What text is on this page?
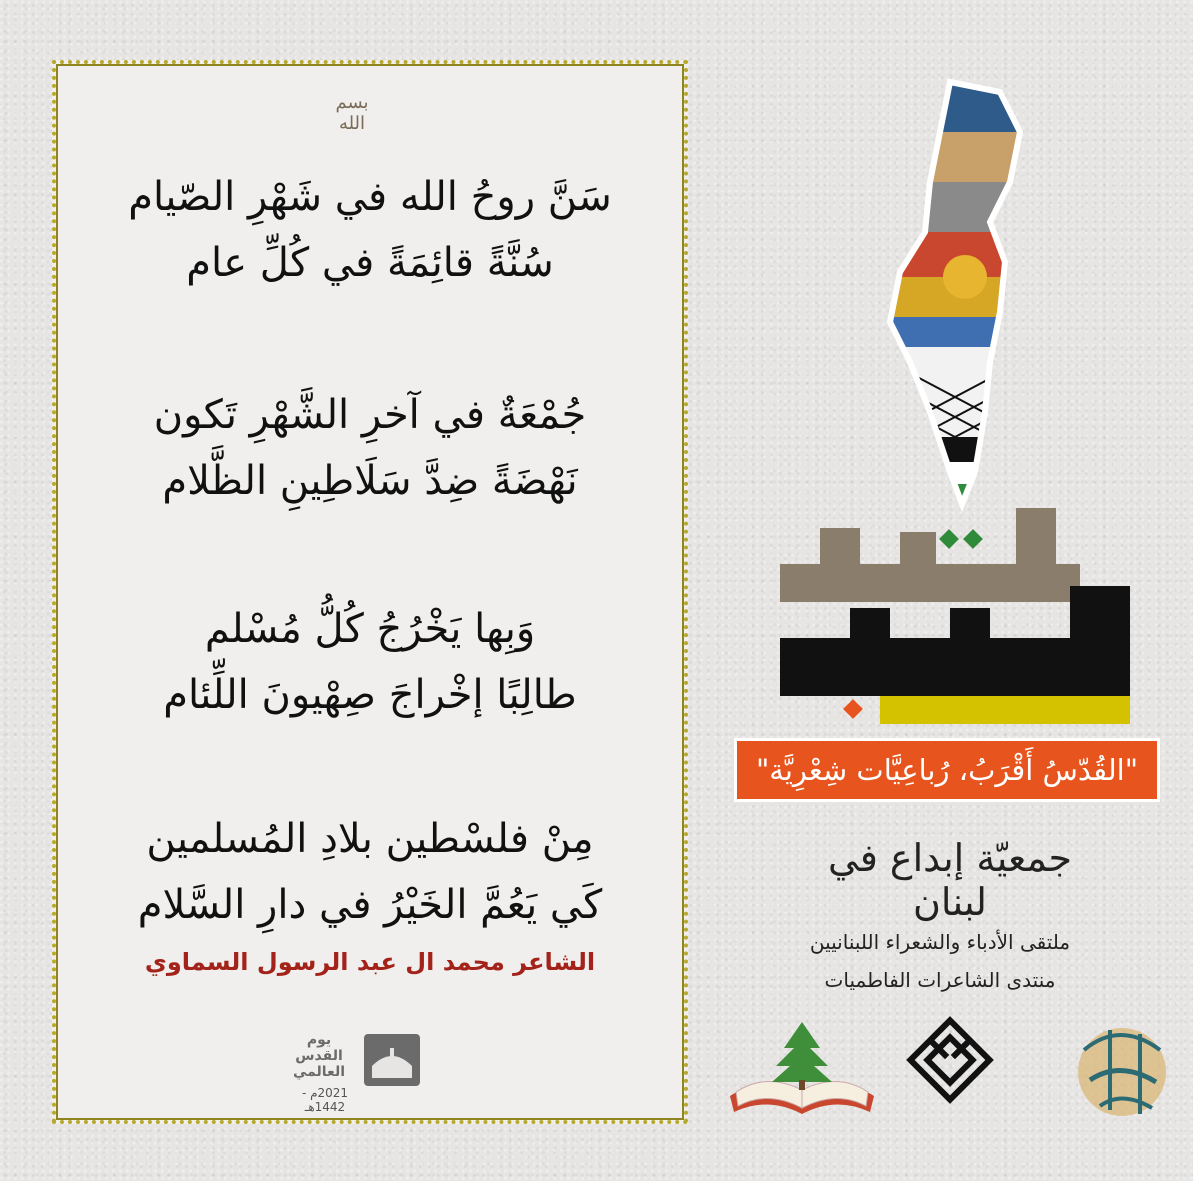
بسم الله
سَنَّ روحُ الله في شَهْرِ الصّيام
سُنَّةً قائِمَةً في كُلِّ عام
جُمْعَةٌ في آخرِ الشَّهْرِ تَكون
نَهْضَةً ضِدَّ سَلَاطِينِ الظَّلام
وَبِها يَخْرُجُ كُلُّ مُسْلم
طالِبًا إخْراجَ صِهْيونَ اللِّئام
مِنْ فلسْطين بلادِ المُسلمين
كَي يَعُمَّ الخَيْرُ في دارِ السَّلام
الشاعر محمد ال عبد الرسول السماوي
يوم
القدس
العالمي
2021م - 1442هـ
أقرب
القدس
"القُدّسُ أَقْرَبُ، رُباعِيَّات شِعْرِيَّة"
جمعيّة إبداع في لبنان
ملتقى الأدباء والشعراء اللبنانيين
منتدى الشاعرات الفاطميات
